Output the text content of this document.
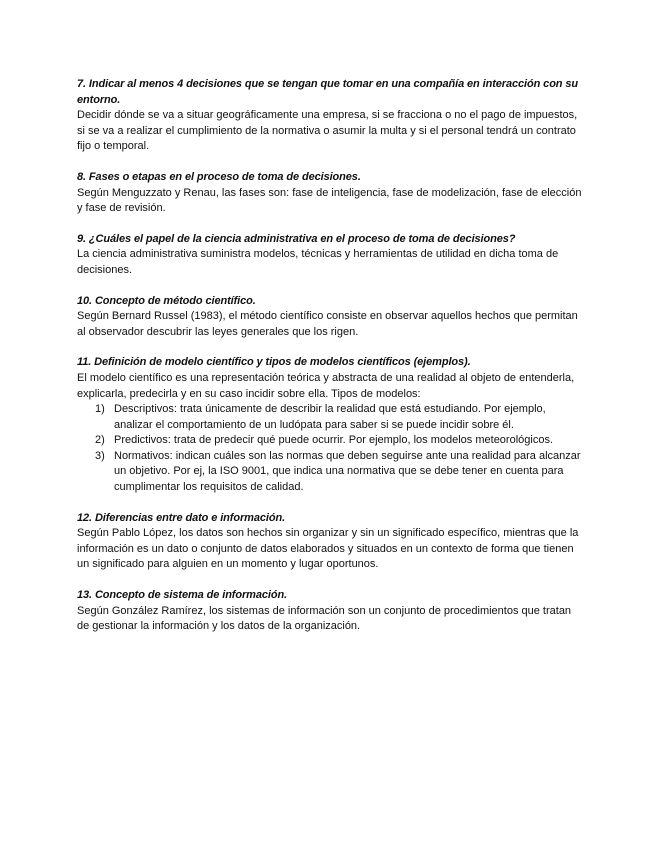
7. Indicar al menos 4 decisiones que se tengan que tomar en una compañía en interacción con su entorno.

Decidir dónde se va a situar geográficamente una empresa, si se fracciona o no el pago de impuestos, si se va a realizar el cumplimiento de la normativa o asumir la multa y si el personal tendrá un contrato fijo o temporal.

8. Fases o etapas en el proceso de toma de decisiones.

Según Menguzzato y Renau, las fases son: fase de inteligencia, fase de modelización, fase de elección y fase de revisión.

9. ¿Cuáles el papel de la ciencia administrativa en el proceso de toma de decisiones?

La ciencia administrativa suministra modelos, técnicas y herramientas de utilidad en dicha toma de decisiones.

10. Concepto de método científico.

Según Bernard Russel (1983), el método científico consiste en observar aquellos hechos que permitan al observador descubrir las leyes generales que los rigen.

11. Definición de modelo científico y tipos de modelos científicos (ejemplos).

El modelo científico es una representación teórica y abstracta de una realidad al objeto de entenderla, explicarla, predecirla y en su caso incidir sobre ella. Tipos de modelos:

1) Descriptivos: trata únicamente de describir la realidad que está estudiando. Por ejemplo, analizar el comportamiento de un ludópata para saber si se puede incidir sobre él.
2) Predictivos: trata de predecir qué puede ocurrir. Por ejemplo, los modelos meteorológicos.
3) Normativos: indican cuáles son las normas que deben seguirse ante una realidad para alcanzar un objetivo. Por ej, la ISO 9001, que indica una normativa que se debe tener en cuenta para cumplimentar los requisitos de calidad.

12. Diferencias entre dato e información.

Según Pablo López, los datos son hechos sin organizar y sin un significado específico, mientras que la información es un dato o conjunto de datos elaborados y situados en un contexto de forma que tienen un significado para alguien en un momento y lugar oportunos.

13. Concepto de sistema de información.

Según González Ramírez, los sistemas de información son un conjunto de procedimientos que tratan de gestionar la información y los datos de la organización.
